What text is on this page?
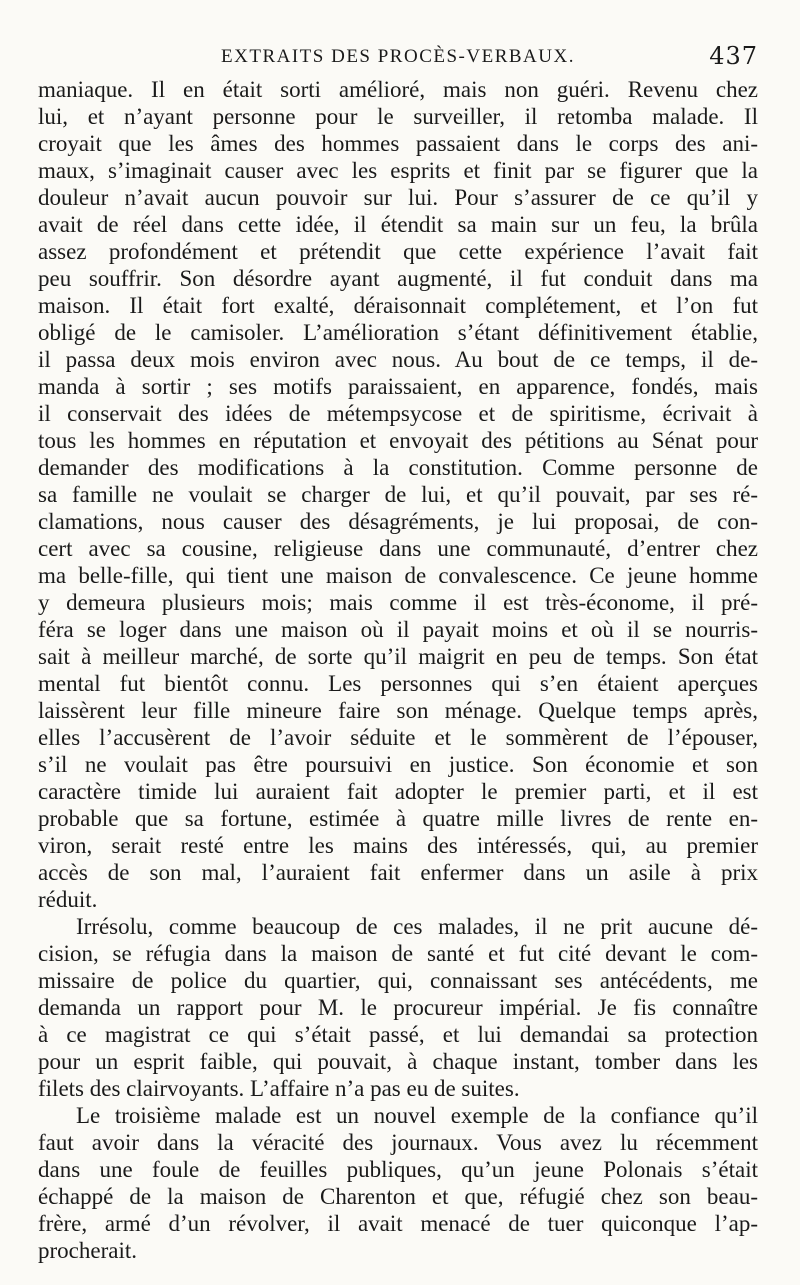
EXTRAITS DES PROCÈS-VERBAUX.	437

maniaque. Il en était sorti amélioré, mais non guéri. Revenu chez

lui, et n’ayant personne pour le surveiller, il retomba malade. Il

croyait que les âmes des hommes passaient dans le corps des ani-

maux, s’imaginait causer avec les esprits et finit par se figurer que la

douleur n’avait aucun pouvoir sur lui. Pour s’assurer de ce qu’il y

avait de réel dans cette idée, il étendit sa main sur un feu, la brûla

assez profondément et prétendit que cette expérience l’avait fait

peu souffrir. Son désordre ayant augmenté, il fut conduit dans ma

maison. Il était fort exalté, déraisonnait complétement, et l’on fut

obligé de le camisoler. L’amélioration s’étant définitivement établie,

il passa deux mois environ avec nous. Au bout de ce temps, il de-

manda à sortir ; ses motifs paraissaient, en apparence, fondés, mais

il conservait des idées de métempsycose et de spiritisme, écrivait à

tous les hommes en réputation et envoyait des pétitions au Sénat pour

demander des modifications à la constitution. Comme personne de

sa famille ne voulait se charger de lui, et qu’il pouvait, par ses ré-

clamations, nous causer des désagréments, je lui proposai, de con-

cert avec sa cousine, religieuse dans une communauté, d’entrer chez

ma belle-fille, qui tient une maison de convalescence. Ce jeune homme

y demeura plusieurs mois; mais comme il est très-économe, il pré-

féra se loger dans une maison où il payait moins et où il se nourris-

sait à meilleur marché, de sorte qu’il maigrit en peu de temps. Son état

mental fut bientôt connu. Les personnes qui s’en étaient aperçues

laissèrent leur fille mineure faire son ménage. Quelque temps après,

elles l’accusèrent de l’avoir séduite et le sommèrent de l’épouser,

s’il ne voulait pas être poursuivi en justice. Son économie et son

caractère timide lui auraient fait adopter le premier parti, et il est

probable que sa fortune, estimée à quatre mille livres de rente en-

viron, serait resté entre les mains des intéressés, qui, au premier

accès de son mal, l’auraient fait enfermer dans un asile à prix

réduit.

Irrésolu, comme beaucoup de ces malades, il ne prit aucune dé-

cision, se réfugia dans la maison de santé et fut cité devant le com-

missaire de police du quartier, qui, connaissant ses antécédents, me

demanda un rapport pour M. le procureur impérial. Je fis connaître

à ce magistrat ce qui s’était passé, et lui demandai sa protection

pour un esprit faible, qui pouvait, à chaque instant, tomber dans les

filets des clairvoyants. L’affaire n’a pas eu de suites.

Le troisième malade est un nouvel exemple de la confiance qu’il

faut avoir dans la véracité des journaux. Vous avez lu récemment

dans une foule de feuilles publiques, qu’un jeune Polonais s’était

échappé de la maison de Charenton et que, réfugié chez son beau-

frère, armé d’un révolver, il avait menacé de tuer quiconque l’ap-

procherait.
